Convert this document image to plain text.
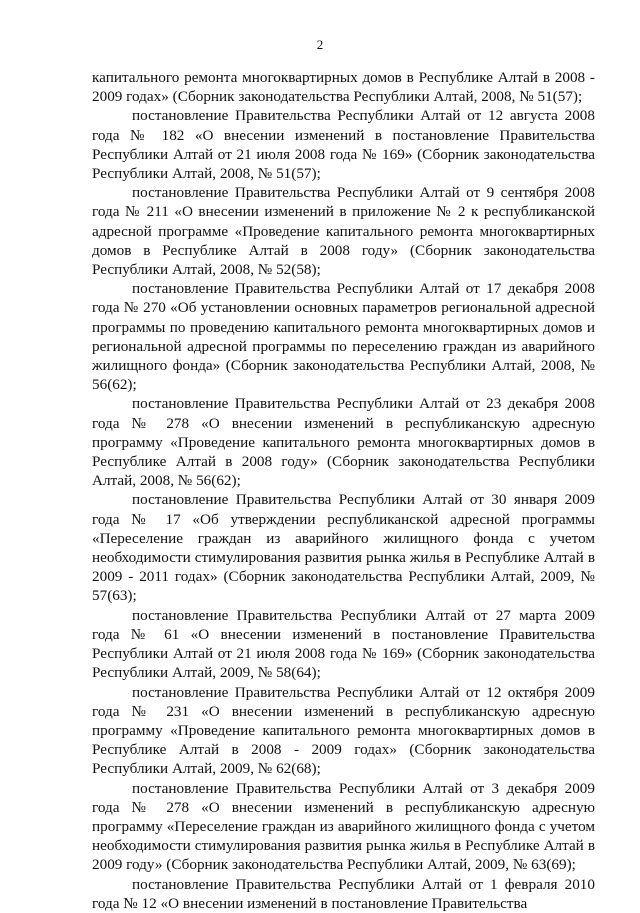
2

капитального ремонта многоквартирных домов в Республике Алтай в 2008 - 2009 годах» (Сборник законодательства Республики Алтай, 2008, № 51(57);

постановление Правительства Республики Алтай от 12 августа 2008 года № 182 «О внесении изменений в постановление Правительства Республики Алтай от 21 июля 2008 года № 169» (Сборник законодательства Республики Алтай, 2008, № 51(57);

постановление Правительства Республики Алтай от 9 сентября 2008 года № 211 «О внесении изменений в приложение № 2 к республиканской адресной программе «Проведение капитального ремонта многоквартирных домов в Республике Алтай в 2008 году» (Сборник законодательства Республики Алтай, 2008, № 52(58);

постановление Правительства Республики Алтай от 17 декабря 2008 года № 270 «Об установлении основных параметров региональной адресной программы по проведению капитального ремонта многоквартирных домов и региональной адресной программы по переселению граждан из аварийного жилищного фонда» (Сборник законодательства Республики Алтай, 2008, № 56(62);

постановление Правительства Республики Алтай от 23 декабря 2008 года № 278 «О внесении изменений в республиканскую адресную программу «Проведение капитального ремонта многоквартирных домов в Республике Алтай в 2008 году» (Сборник законодательства Республики Алтай, 2008, № 56(62);

постановление Правительства Республики Алтай от 30 января 2009 года № 17 «Об утверждении республиканской адресной программы «Переселение граждан из аварийного жилищного фонда с учетом необходимости стимулирования развития рынка жилья в Республике Алтай в 2009 - 2011 годах» (Сборник законодательства Республики Алтай, 2009, № 57(63);

постановление Правительства Республики Алтай от 27 марта 2009 года № 61 «О внесении изменений в постановление Правительства Республики Алтай от 21 июля 2008 года № 169» (Сборник законодательства Республики Алтай, 2009, № 58(64);

постановление Правительства Республики Алтай от 12 октября 2009 года № 231 «О внесении изменений в республиканскую адресную программу «Проведение капитального ремонта многоквартирных домов в Республике Алтай в 2008 - 2009 годах» (Сборник законодательства Республики Алтай, 2009, № 62(68);

постановление Правительства Республики Алтай от 3 декабря 2009 года № 278 «О внесении изменений в республиканскую адресную программу «Переселение граждан из аварийного жилищного фонда с учетом необходимости стимулирования развития рынка жилья в Республике Алтай в 2009 году» (Сборник законодательства Республики Алтай, 2009, № 63(69);

постановление Правительства Республики Алтай от 1 февраля 2010 года № 12 «О внесении изменений в постановление Правительства
